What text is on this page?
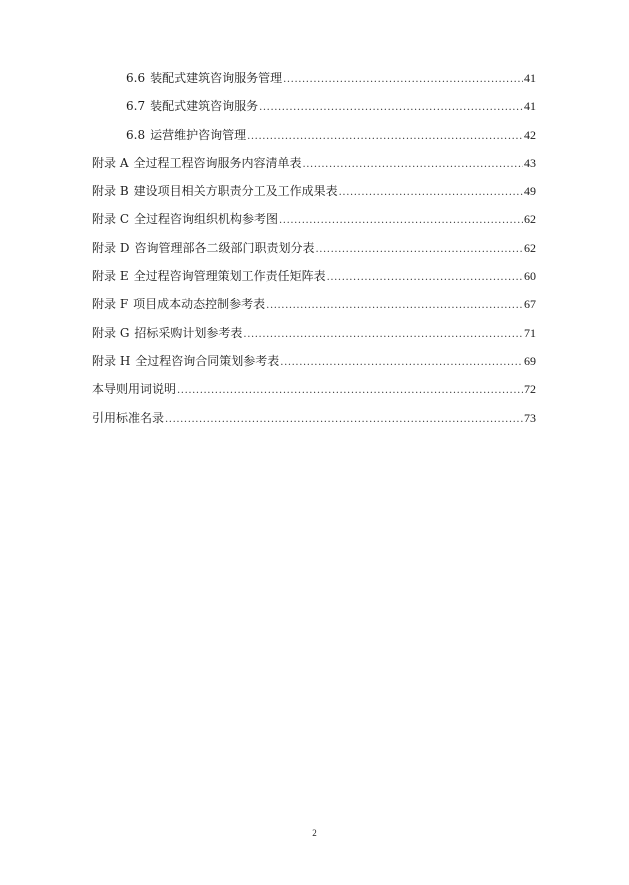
6.6 装配式建筑咨询服务管理 .....	41
6.7 装配式建筑咨询服务 .....	41
6.8 运营维护咨询管理 .....	42
附录 A 全过程工程咨询服务内容清单表 .....	43
附录 B 建设项目相关方职责分工及工作成果表 .....	49
附录 C 全过程咨询组织机构参考图 .....	62
附录 D 咨询管理部各二级部门职责划分表 .....	62
附录 E 全过程咨询管理策划工作责任矩阵表 .....	60
附录 F 项目成本动态控制参考表 .....	67
附录 G 招标采购计划参考表 .....	71
附录 H 全过程咨询合同策划参考表 .....	69
本导则用词说明 .....	72
引用标准名录 .....	73
2
